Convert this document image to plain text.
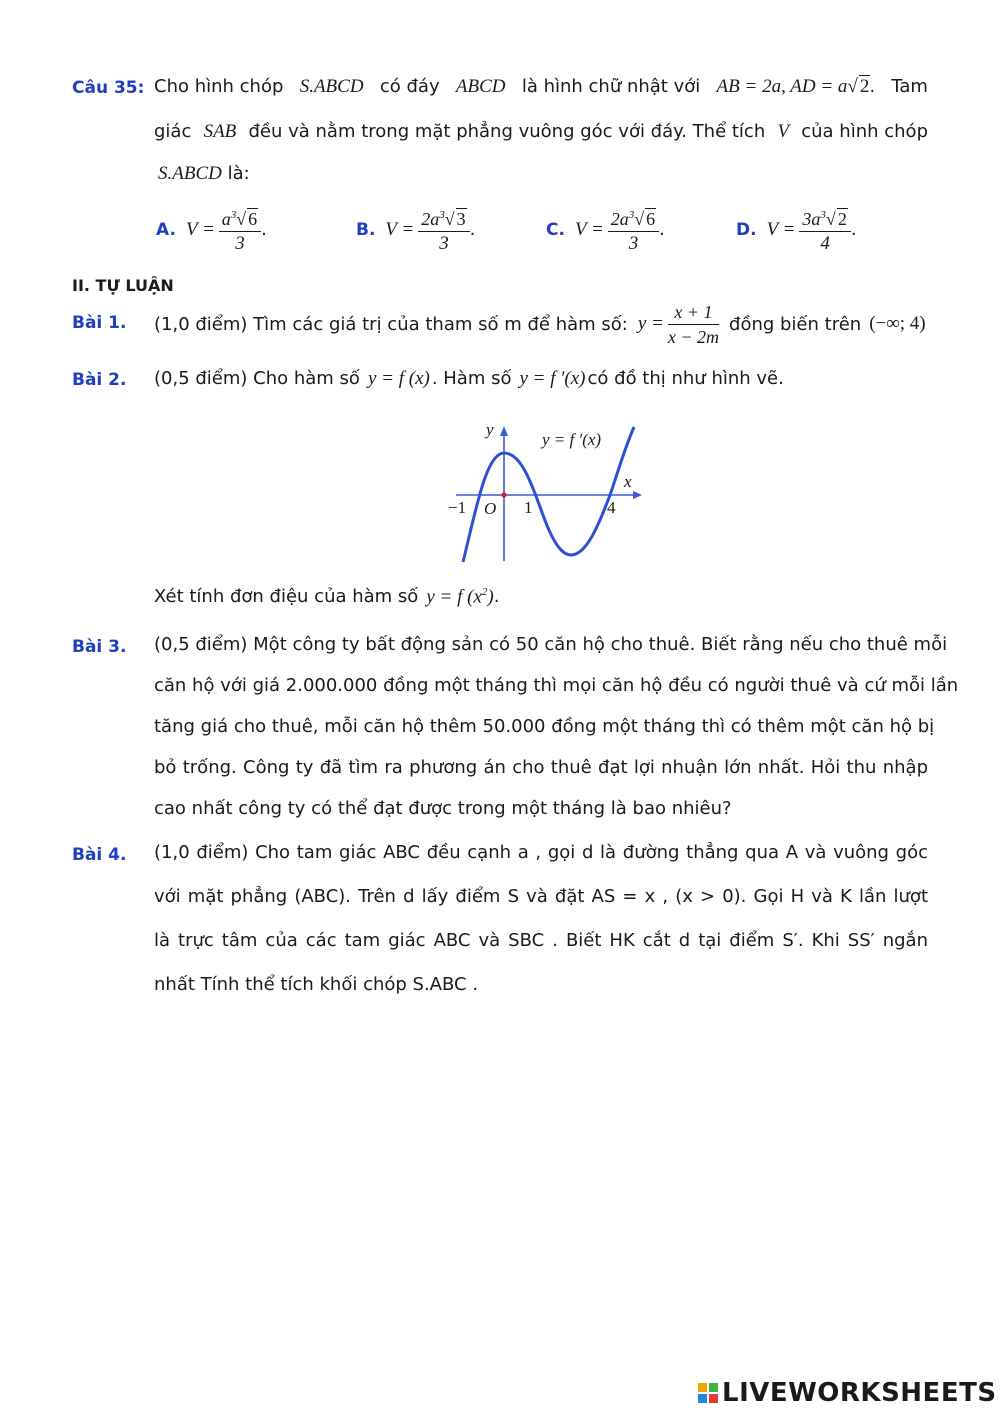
Câu 35: Cho hình chóp S.ABCD có đáy ABCD là hình chữ nhật với AB = 2a, AD = a√ 2. Tam
giác SAB đều và nằm trong mặt phẳng vuông góc với đáy. Thể tích V của hình chóp
S.ABCD là:
A. $V = \frac{a^3√ 6}{3}$ .	B. $V = \frac{2a^3√ 3}{3}$ .	C. $V = \frac{2a^3√ 6}{3}$ .	D. $V = \frac{3a^3√ 2}{4}$ .
II. TỰ LUẬN
Bài 1. (1,0 điểm) Tìm các giá trị của tham số m để hàm số: $y = \frac{x + 1}{x - 2m}$ đồng biến trên (−∞; 4)
Bài 2. (0,5 điểm) Cho hàm số y = f (x) . Hàm số y = f ′(x) có đồ thị như hình vẽ.
y
x
y = f ′(x)
−1 O 1	4
Xét tính đơn điệu của hàm số y = f $(x^2)$ .
Bài 3. (0,5 điểm) Một công ty bất động sản có 50 căn hộ cho thuê. Biết rằng nếu cho thuê mỗi
căn hộ với giá 2.000.000 đồng một tháng thì mọi căn hộ đều có người thuê và cứ mỗi lần
tăng giá cho thuê, mỗi căn hộ thêm 50.000 đồng một tháng thì có thêm một căn hộ bị
bỏ trống. Công ty đã tìm ra phương án cho thuê đạt lợi nhuận lớn nhất. Hỏi thu nhập
cao nhất công ty có thể đạt được trong một tháng là bao nhiêu?
Bài 4. (1,0 điểm) Cho tam giác ABC đều cạnh a , gọi d là đường thẳng qua A và vuông góc
với mặt phẳng (ABC). Trên d lấy điểm S và đặt AS = x , (x > 0). Gọi H và K lần lượt
là trực tâm của các tam giác ABC và SBC . Biết HK cắt d tại điểm S′. Khi SS′ ngắn
nhất Tính thể tích khối chóp S.ABC .
LIVEWORKSHEETS
